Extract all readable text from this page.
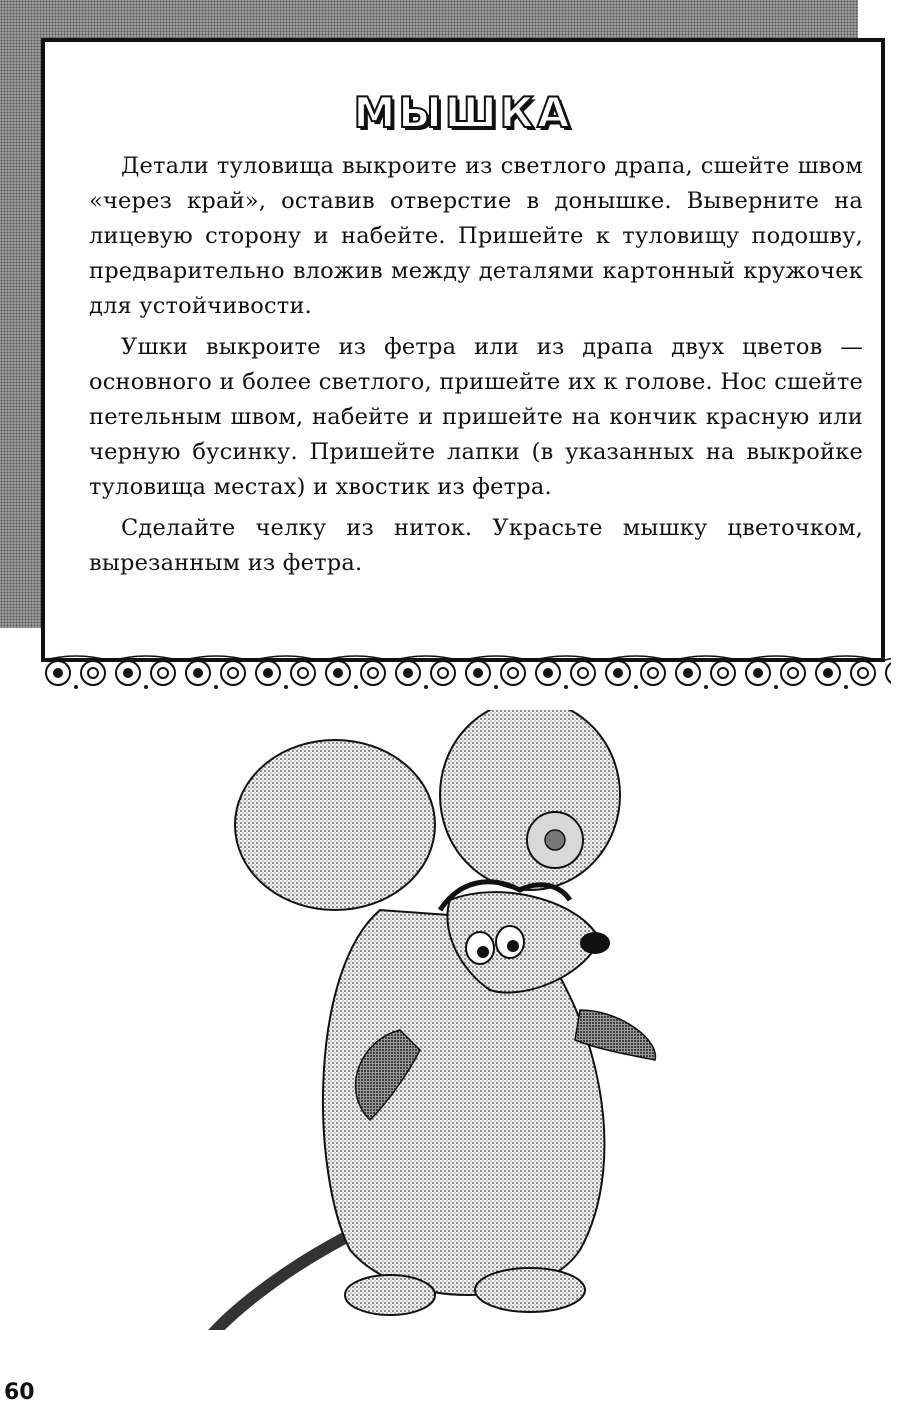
МЫШКА

Детали туловища выкроите из светлого драпа, сшейте швом «через край», оставив отверстие в донышке. Выверните на лицевую сторону и набейте. Пришейте к туловищу подошву, предварительно вложив между деталями картонный кружочек для устойчивости.

Ушки выкроите из фетра или из драпа двух цветов — основного и более светлого, пришейте их к голове. Нос сшейте петельным швом, набейте и пришейте на кончик красную или черную бусинку. Пришейте лапки (в указанных на выкройке туловища местах) и хвостик из фетра.

Сделайте челку из ниток. Украсьте мышку цветочком, вырезанным из фетра.

60
